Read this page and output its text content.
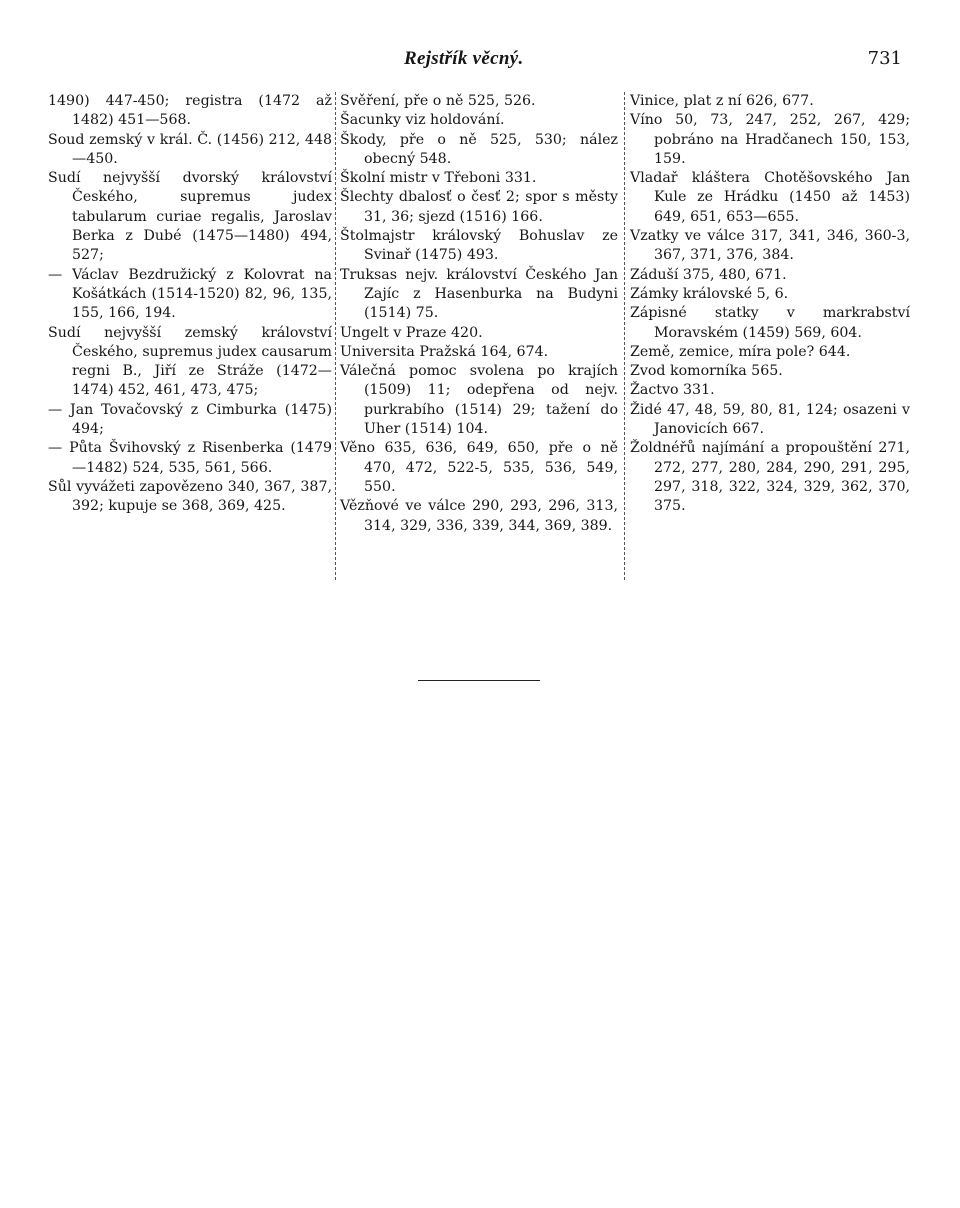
Rejstřík věcný.	731

1490) 447-450; registra (1472 až 1482) 451—568.

Soud zemský v král. Č. (1456) 212, 448—450.

Sudí nejvyšší dvorský království Českého, supremus judex tabularum curiae regalis, Jaroslav Berka z Dubé (1475—1480) 494, 527;

— Václav Bezdružický z Kolovrat na Košátkách (1514-1520) 82, 96, 135, 155, 166, 194.

Sudí nejvyšší zemský království Českého, supremus judex causarum regni B., Jiří ze Stráže (1472—1474) 452, 461, 473, 475;

— Jan Tovačovský z Cimburka (1475) 494;

— Půta Švihovský z Risenberka (1479—1482) 524, 535, 561, 566.

Sůl vyvážeti zapovězeno 340, 367, 387, 392; kupuje se 368, 369, 425.

Svěření, pře o ně 525, 526.

Šacunky viz holdování.

Škody, pře o ně 525, 530; nález obecný 548.

Školní mistr v Třeboni 331.

Šlechty dbalosť o česť 2; spor s městy 31, 36; sjezd (1516) 166.

Štolmajstr královský Bohuslav ze Svinař (1475) 493.

Truksas nejv. království Českého Jan Zajíc z Hasenburka na Budyni (1514) 75.

Ungelt v Praze 420.

Universita Pražská 164, 674.

Válečná pomoc svolena po krajích (1509) 11; odepřena od nejv. purkrabího (1514) 29; tažení do Uher (1514) 104.

Věno 635, 636, 649, 650, pře o ně 470, 472, 522-5, 535, 536, 549, 550.

Vězňové ve válce 290, 293, 296, 313, 314, 329, 336, 339, 344, 369, 389.

Vinice, plat z ní 626, 677.

Víno 50, 73, 247, 252, 267, 429; pobráno na Hradčanech 150, 153, 159.

Vladař kláštera Chotěšovského Jan Kule ze Hrádku (1450 až 1453) 649, 651, 653—655.

Vzatky ve válce 317, 341, 346, 360-3, 367, 371, 376, 384.

Záduší 375, 480, 671.

Zámky královské 5, 6.

Zápisné statky v markrabství Moravském (1459) 569, 604.

Země, zemice, míra pole? 644.

Zvod komorníka 565.

Žactvo 331.

Židé 47, 48, 59, 80, 81, 124; osazeni v Janovicích 667.

Žoldnéřů najímání a propouštění 271, 272, 277, 280, 284, 290, 291, 295, 297, 318, 322, 324, 329, 362, 370, 375.
